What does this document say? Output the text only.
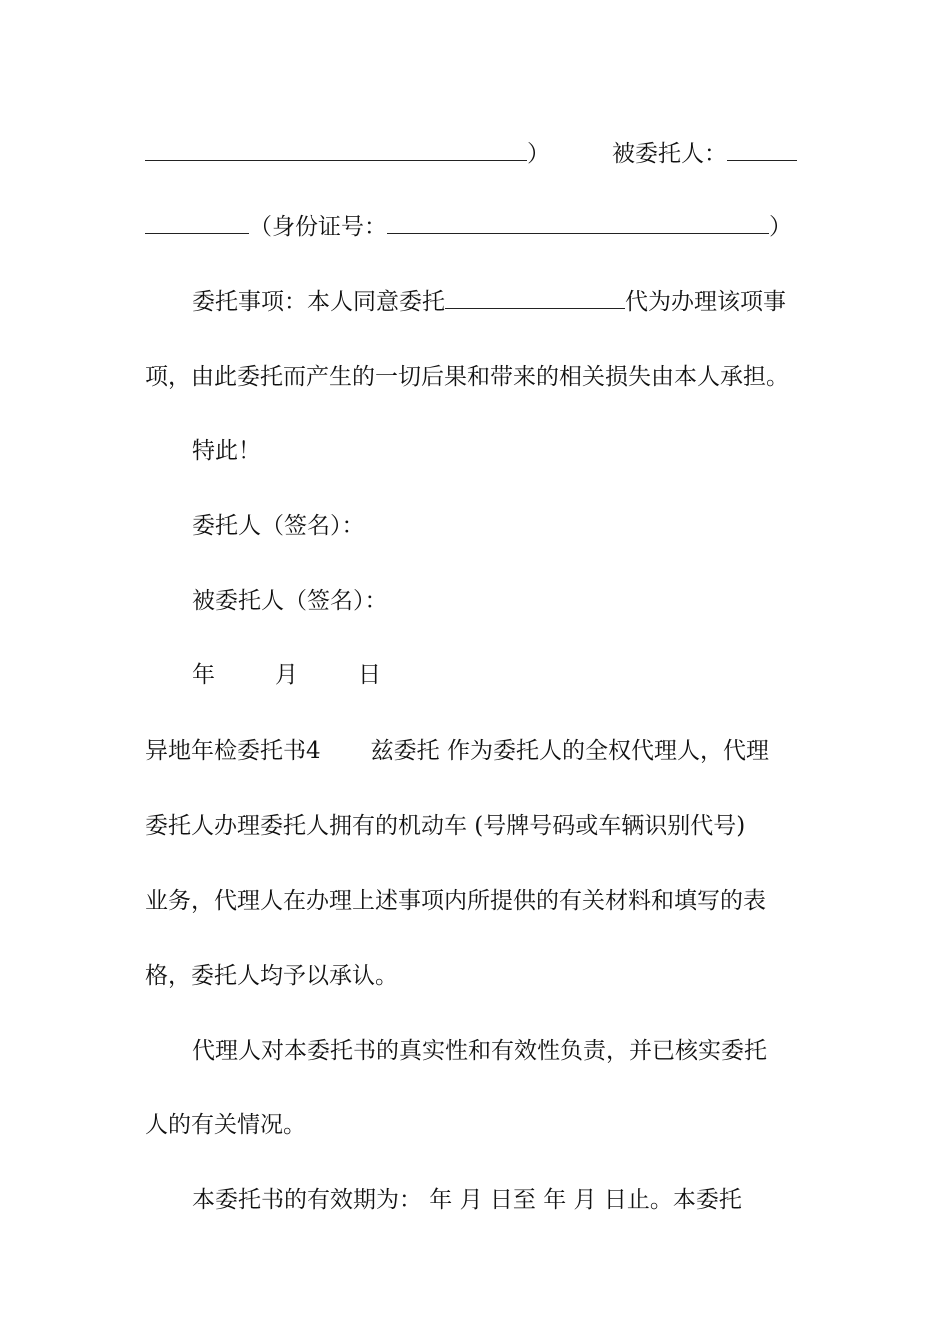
）	被委托人：
（身份证号：	）
委托事项：本人同意委托	代为办理该项事
项，由此委托而产生的一切后果和带来的相关损失由本人承担。
特此！
委托人（签名）：
被委托人（签名）：
年	月	日
异地年检委托书4 兹委托 作为委托人的全权代理人，代理
委托人办理委托人拥有的机动车 (号牌号码或车辆识别代号)
业务，代理人在办理上述事项内所提供的有关材料和填写的表
格，委托人均予以承认。
代理人对本委托书的真实性和有效性负责，并已核实委托
人的有关情况。
本委托书的有效期为： 年 月 日至 年 月 日止。本委托
